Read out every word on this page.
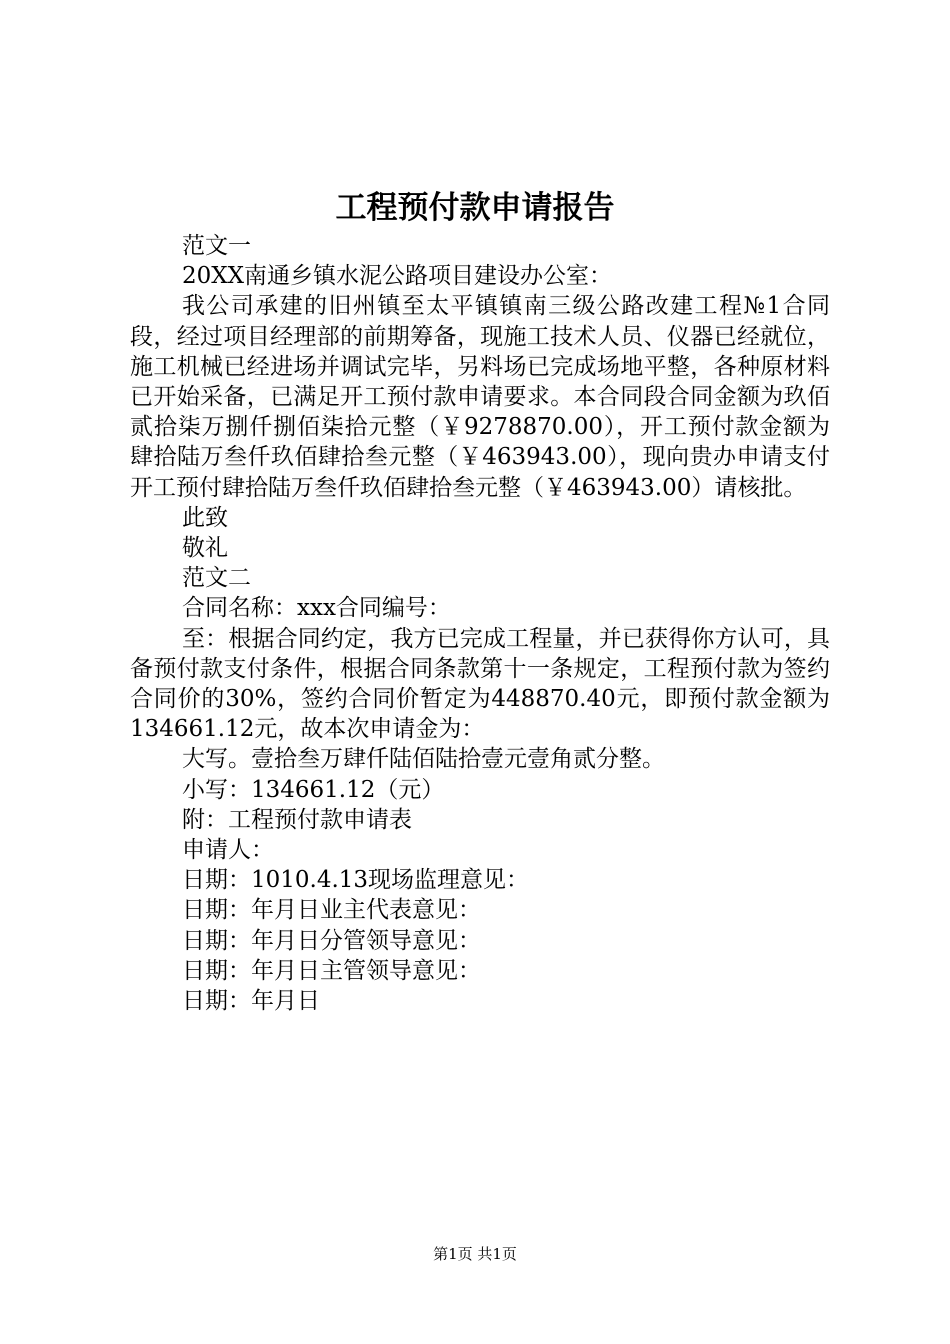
工程预付款申请报告

范文一

20XX南通乡镇水泥公路项目建设办公室：

我公司承建的旧州镇至太平镇镇南三级公路改建工程№1合同段，经过项目经理部的前期筹备，现施工技术人员、仪器已经就位，施工机械已经进场并调试完毕，另料场已完成场地平整，各种原材料已开始采备，已满足开工预付款申请要求。本合同段合同金额为玖佰贰拾柒万捌仟捌佰柒拾元整（￥9278870.00），开工预付款金额为肆拾陆万叁仟玖佰肆拾叁元整（￥463943.00），现向贵办申请支付开工预付肆拾陆万叁仟玖佰肆拾叁元整（￥463943.00）请核批。

此致

敬礼

范文二

合同名称：xxx合同编号：

至：根据合同约定，我方已完成工程量，并已获得你方认可，具备预付款支付条件，根据合同条款第十一条规定，工程预付款为签约合同价的30%，签约合同价暂定为448870.40元，即预付款金额为134661.12元，故本次申请金为：

大写。壹拾叁万肆仟陆佰陆拾壹元壹角贰分整。

小写：134661.12（元）

附：工程预付款申请表

申请人：

日期：1010.4.13现场监理意见：

日期：年月日业主代表意见：

日期：年月日分管领导意见：

日期：年月日主管领导意见：

日期：年月日

第1页 共1页
